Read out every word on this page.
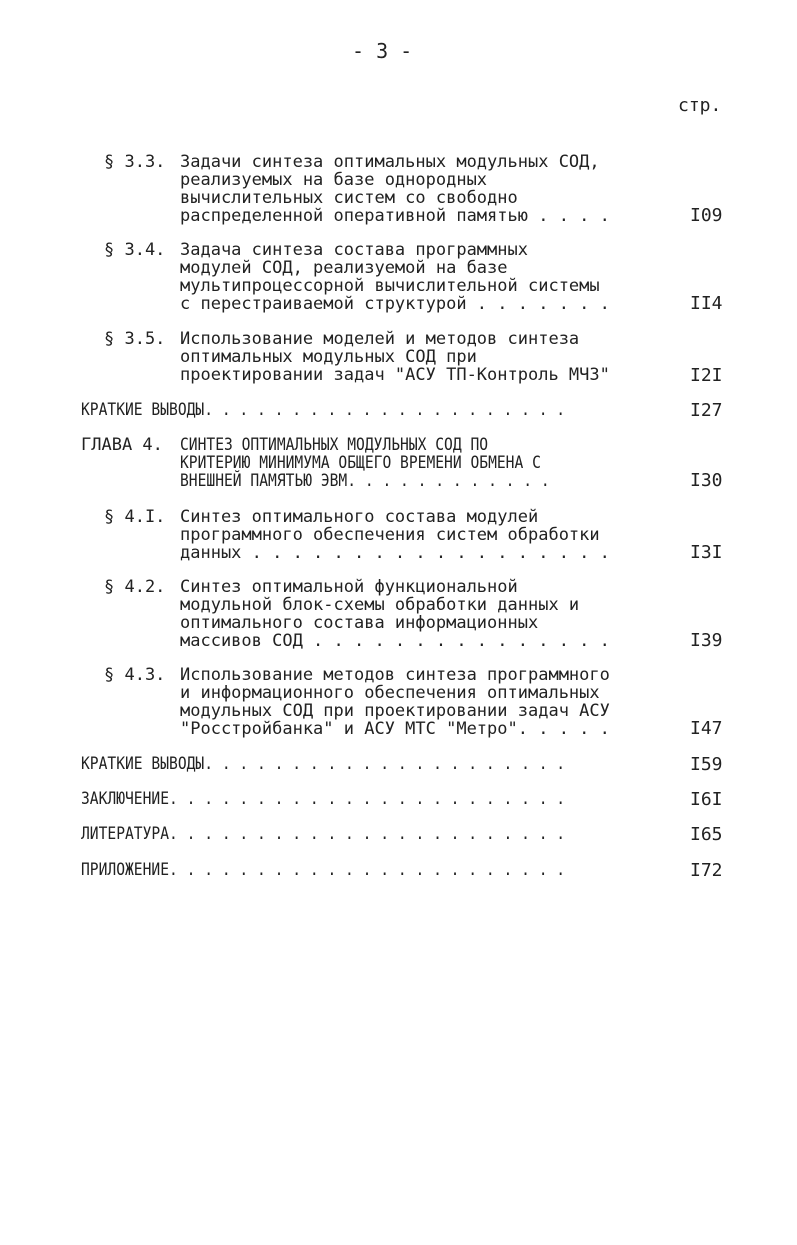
- 3 -
стр.
§ 3.3. Задачи синтеза оптимальных модульных СОД,
реализуемых на базе однородных
вычислительных систем со свободно
распределенной оперативной памятью . . . .	I09
§ 3.4. Задача синтеза состава программных
модулей СОД, реализуемой на базе
мультипроцессорной вычислительной системы
с перестраиваемой структурой . . . . . . .	II4
§ 3.5. Использование моделей и методов синтеза
оптимальных модульных СОД при
проектировании задач "АСУ ТП-Контроль МЧЗ"	I2I
КРАТКИЕ ВЫВОДЫ. . . . . . . . . . . . . . . . . . . . .	I27
ГЛАВА 4. СИНТЕЗ ОПТИМАЛЬНЫХ МОДУЛЬНЫХ СОД ПО
КРИТЕРИЮ МИНИМУМА ОБЩЕГО ВРЕМЕНИ ОБМЕНА С
ВНЕШНЕЙ ПАМЯТЬЮ ЭВМ. . . . . . . . . . . .	I30
§ 4.I. Синтез оптимального состава модулей
программного обеспечения систем обработки
данных . . . . . . . . . . . . . . . . . .	I3I
§ 4.2. Синтез оптимальной функциональной
модульной блок-схемы обработки данных и
оптимального состава информационных
массивов СОД . . . . . . . . . . . . . . .	I39
§ 4.3. Использование методов синтеза программного
и информационного обеспечения оптимальных
модульных СОД при проектировании задач АСУ
"Росстройбанка" и АСУ МТС "Метро". . . . .	I47
КРАТКИЕ ВЫВОДЫ. . . . . . . . . . . . . . . . . . . . .	I59
ЗАКЛЮЧЕНИЕ. . . . . . . . . . . . . . . . . . . . . . .	I6I
ЛИТЕРАТУРА. . . . . . . . . . . . . . . . . . . . . . .	I65
ПРИЛОЖЕНИЕ. . . . . . . . . . . . . . . . . . . . . . .	I72
